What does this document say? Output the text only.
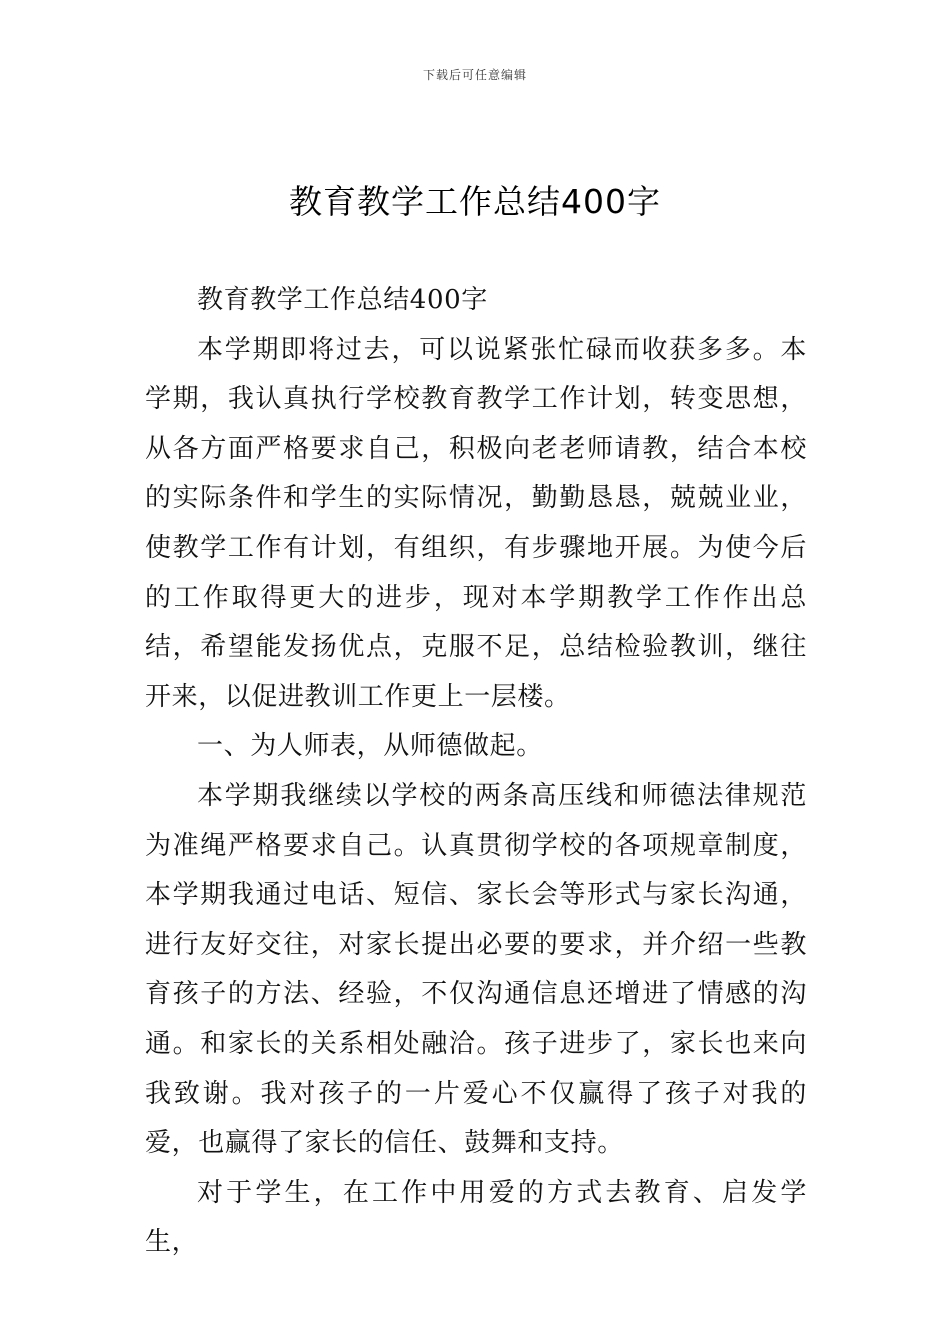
下载后可任意编辑
教育教学工作总结400字

教育教学工作总结400字

本学期即将过去，可以说紧张忙碌而收获多多。本学期，我认真执行学校教育教学工作计划，转变思想，从各方面严格要求自己，积极向老老师请教，结合本校的实际条件和学生的实际情况，勤勤恳恳，兢兢业业，使教学工作有计划，有组织，有步骤地开展。为使今后的工作取得更大的进步，现对本学期教学工作作出总结，希望能发扬优点，克服不足，总结检验教训，继往开来，以促进教训工作更上一层楼。

一、为人师表，从师德做起。

本学期我继续以学校的两条高压线和师德法律规范为准绳严格要求自己。认真贯彻学校的各项规章制度，本学期我通过电话、短信、家长会等形式与家长沟通，进行友好交往，对家长提出必要的要求，并介绍一些教育孩子的方法、经验，不仅沟通信息还增进了情感的沟通。和家长的关系相处融洽。孩子进步了，家长也来向我致谢。我对孩子的一片爱心不仅赢得了孩子对我的爱，也赢得了家长的信任、鼓舞和支持。

对于学生，在工作中用爱的方式去教育、启发学生，
